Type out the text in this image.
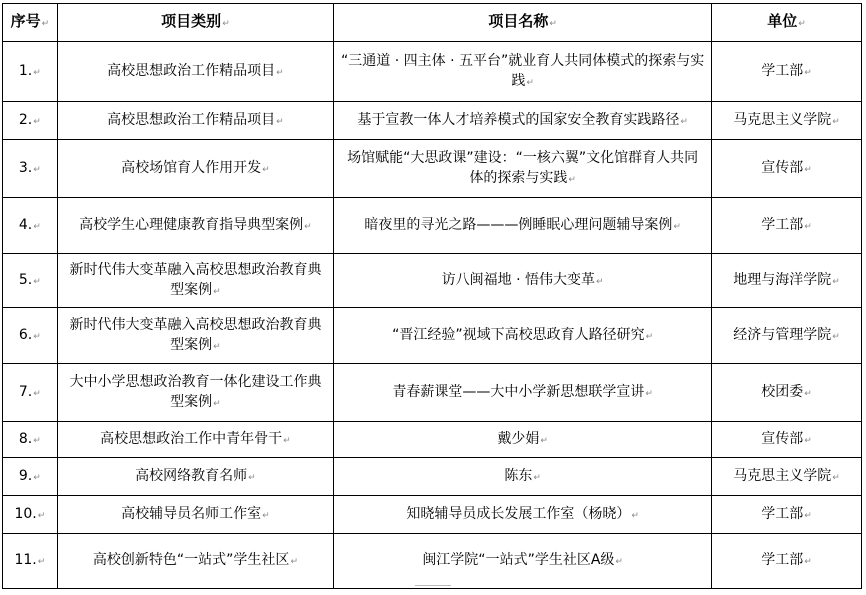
序号↵	项目类别↵	项目名称↵	单位↵
1.↵	高校思想政治工作精品项目↵	“三通道 · 四主体 · 五平台”就业育人共同体模式的探索与实践↵	学工部↵
2.↵	高校思想政治工作精品项目↵	基于宣教一体人才培养模式的国家安全教育实践路径↵	马克思主义学院↵
3.↵	高校场馆育人作用开发↵	场馆赋能“大思政课”建设：“一核六翼”文化馆群育人共同体的探索与实践↵	宣传部↵
4.↵	高校学生心理健康教育指导典型案例↵	暗夜里的寻光之路———例睡眠心理问题辅导案例↵	学工部↵
5.↵	新时代伟大变革融入高校思想政治教育典型案例↵	访八闽福地 · 悟伟大变革↵	地理与海洋学院↵
6.↵	新时代伟大变革融入高校思想政治教育典型案例↵	“晋江经验”视域下高校思政育人路径研究↵	经济与管理学院↵
7.↵	大中小学思想政治教育一体化建设工作典型案例↵	青春薪课堂——大中小学新思想联学宣讲↵	校团委↵
8.↵	高校思想政治工作中青年骨干↵	戴少娟↵	宣传部↵
9.↵	高校网络教育名师↵	陈东↵	马克思主义学院↵
10.↵	高校辅导员名师工作室↵	知晓辅导员成长发展工作室（杨晓）↵	学工部↵
11.↵	高校创新特色“一站式”学生社区↵	闽江学院“一站式”学生社区A级↵	学工部↵
